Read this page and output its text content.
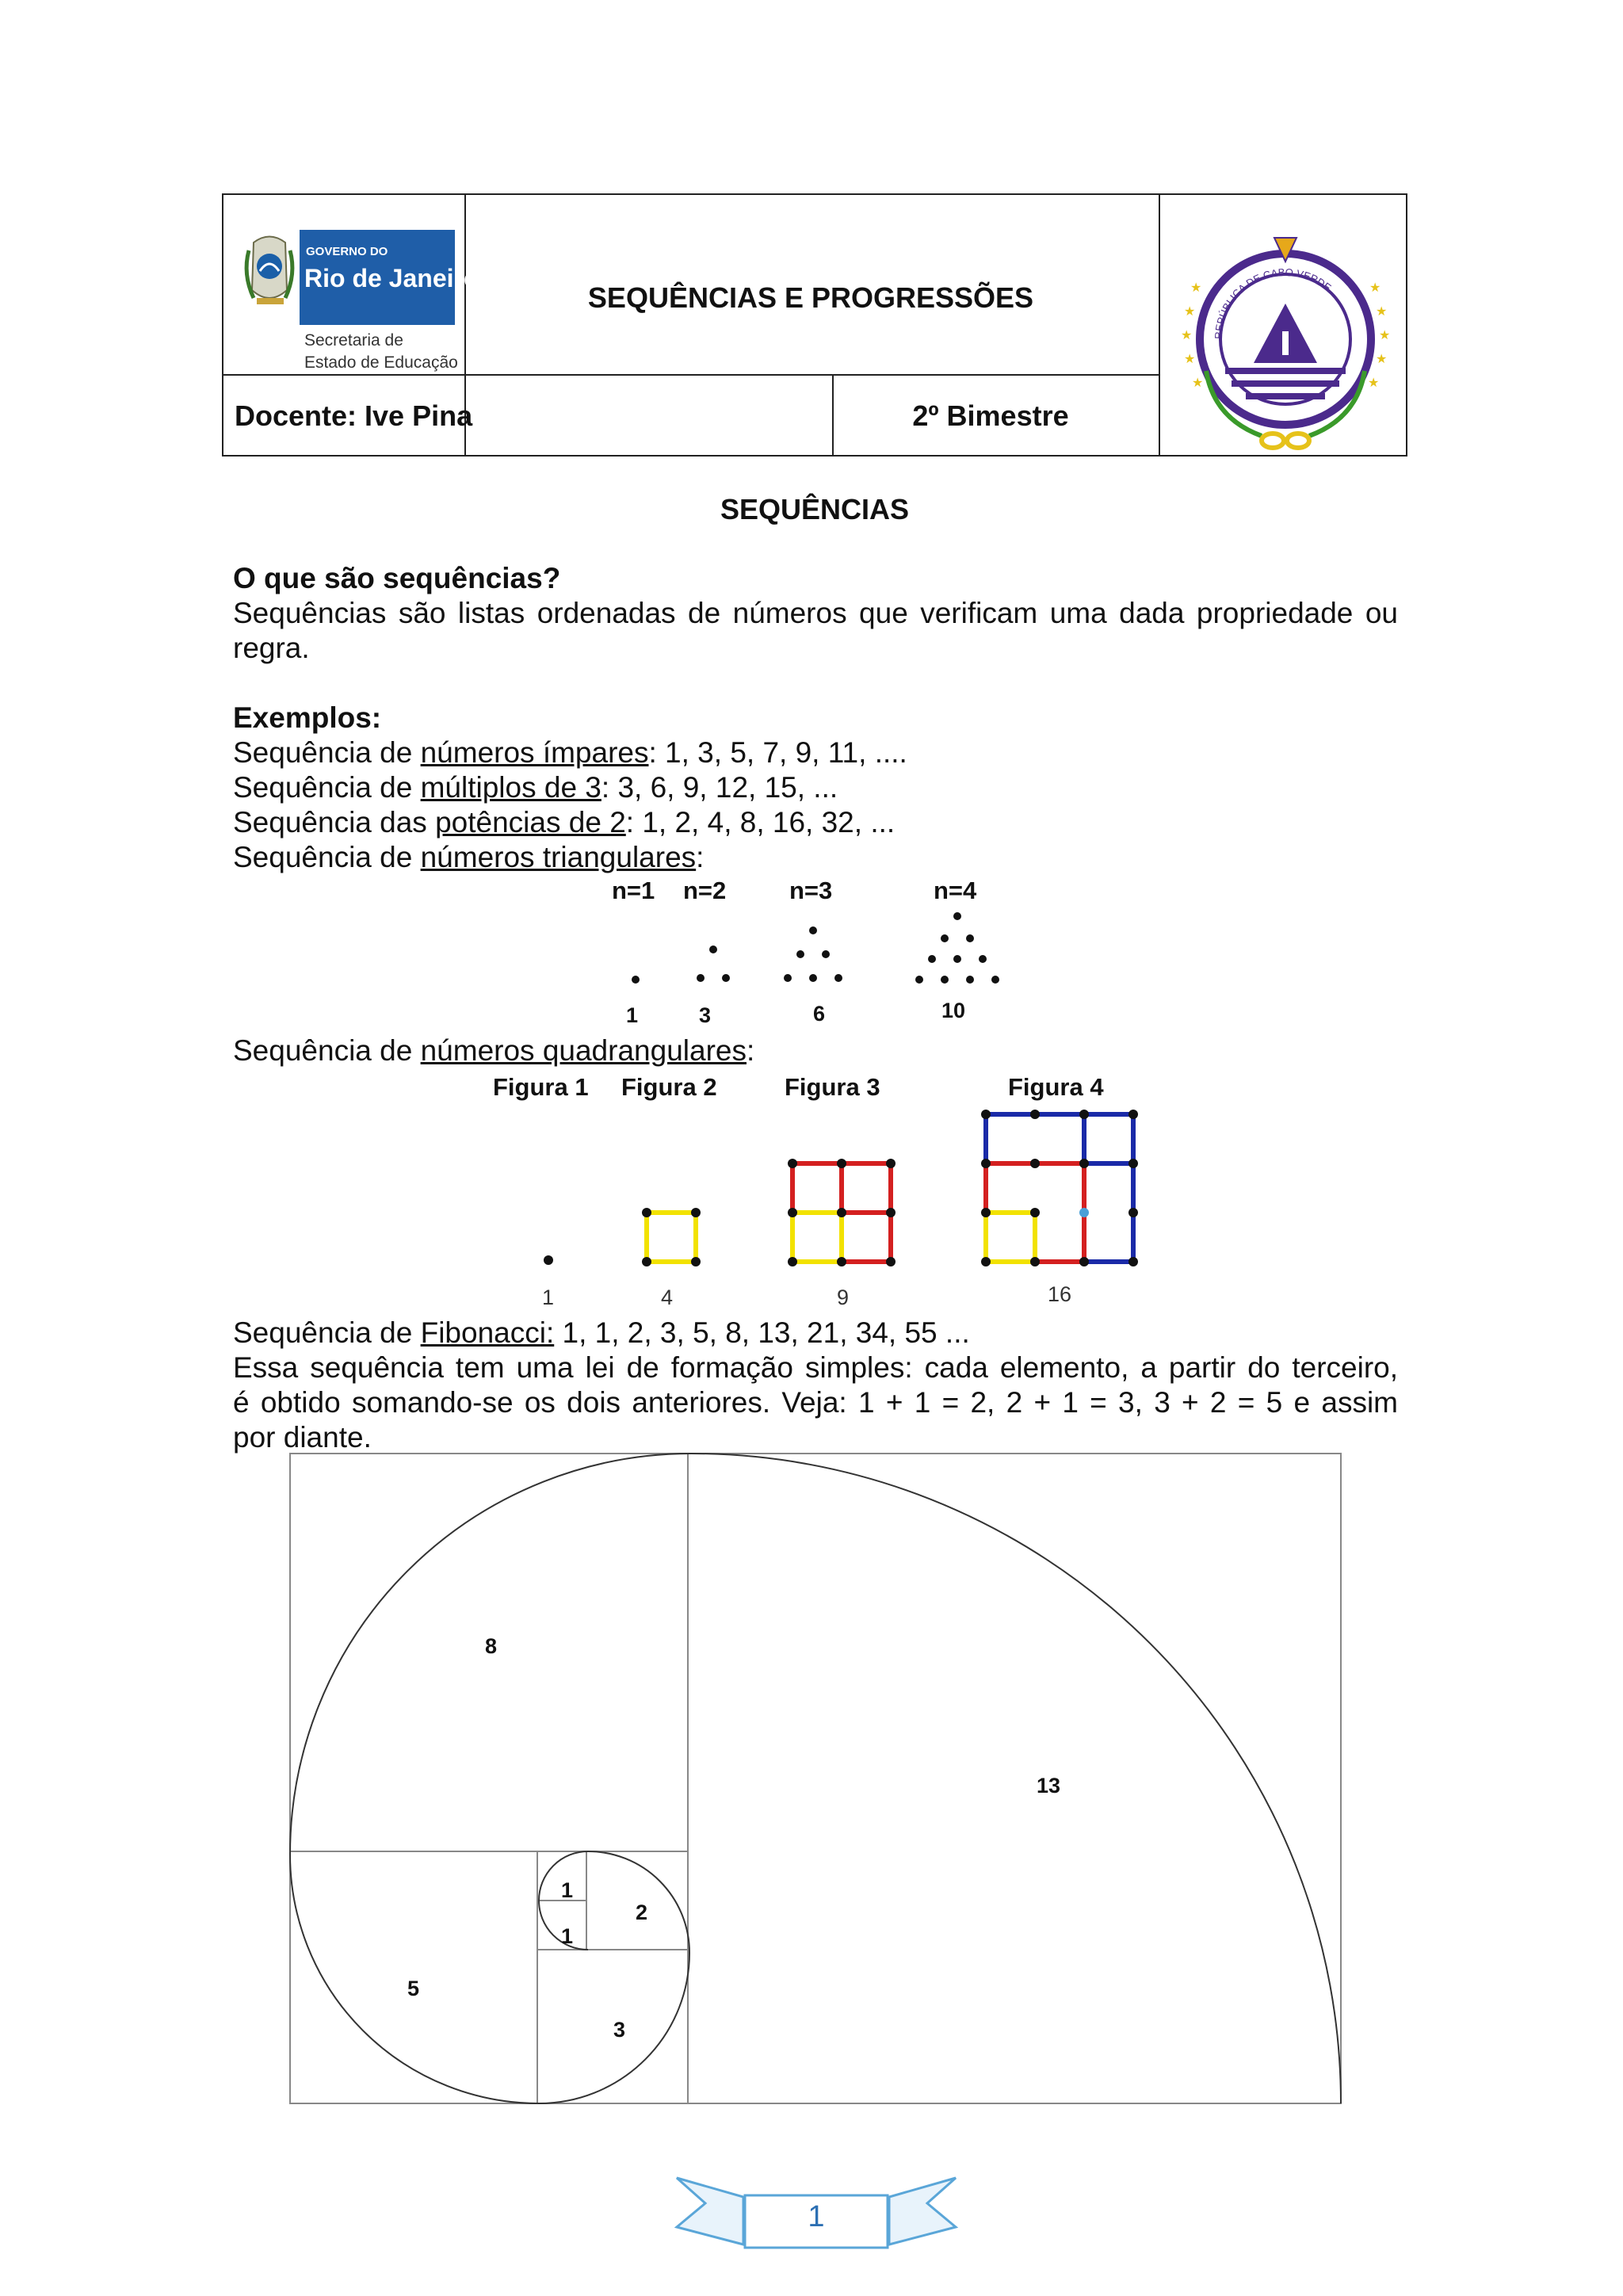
GOVERNO DO
Rio de Janeiro
Secretaria de
Estado de Educação
SEQUÊNCIAS E PROGRESSÕES
Docente: Ive Pina	2º Bimestre
★
★
★
★
★
★
★
★
★
★
REPÚBLICA DE CABO VERDE
SEQUÊNCIAS
O que são sequências?
Sequências são listas ordenadas de números que verificam uma dada propriedade ou
regra.
Exemplos:
Sequência de números ímpares: 1, 3, 5, 7, 9, 11, ....
Sequência de múltiplos de 3: 3, 6, 9, 12, 15, ...
Sequência das potências de 2: 1, 2, 4, 8, 16, 32, ...
Sequência de números triangulares:
n=1 n=2	n=3	n=4
1	3	6	10
Sequência de números quadrangulares:
Figura 1 Figura 2	Figura 3	Figura 4
1	4	9	16
Sequência de Fibonacci: 1, 1, 2, 3, 5, 8, 13, 21, 34, 55 ...
Essa sequência tem uma lei de formação simples: cada elemento, a partir do terceiro,
é obtido somando-se os dois anteriores. Veja: 1 + 1 = 2, 2 + 1 = 3, 3 + 2 = 5 e assim
por diante.
1
1
2
3
5
8
13
1
